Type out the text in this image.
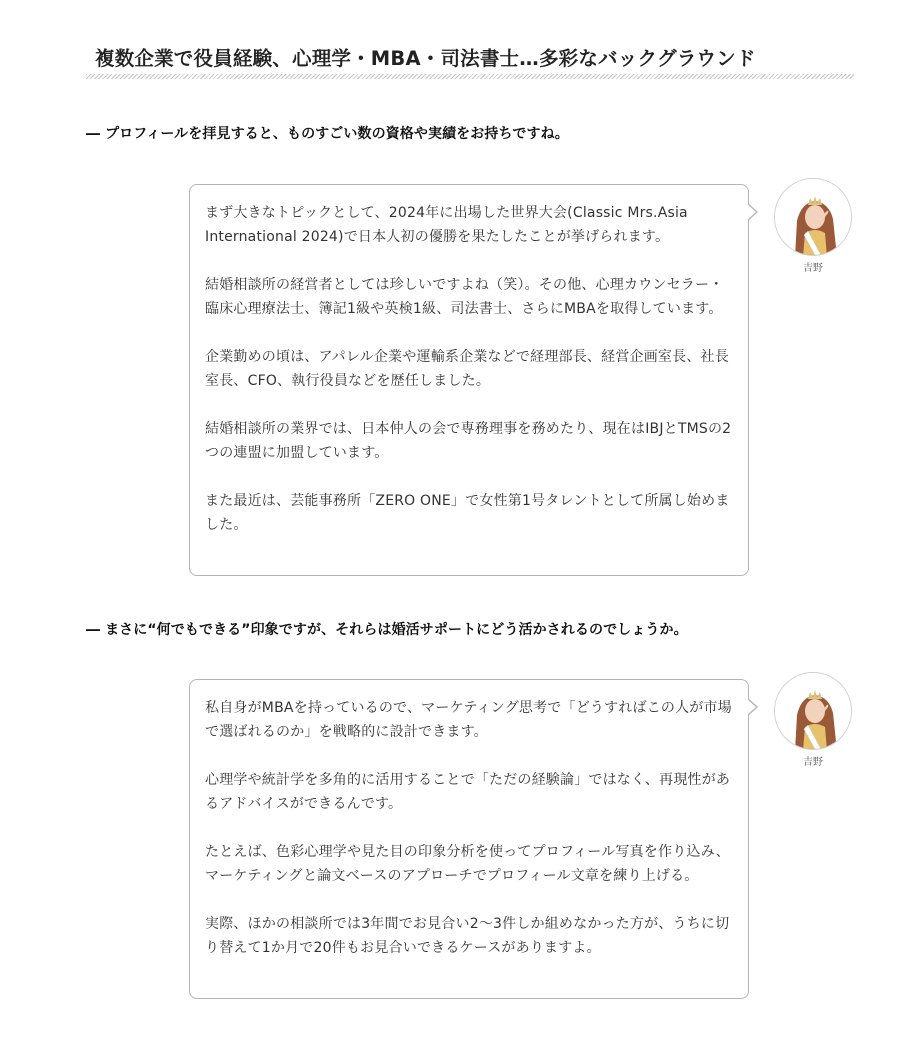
複数企業で役員経験、心理学・MBA・司法書士…多彩なバックグラウンド

― プロフィールを拝見すると、ものすごい数の資格や実績をお持ちですね。

まず大きなトピックとして、2024年に出場した世界大会(Classic Mrs.Asia International 2024)で日本人初の優勝を果たしたことが挙げられます。

結婚相談所の経営者としては珍しいですよね（笑）。その他、心理カウンセラー・臨床心理療法士、簿記1級や英検1級、司法書士、さらにMBAを取得しています。

企業勤めの頃は、アパレル企業や運輸系企業などで経理部長、経営企画室長、社長室長、CFO、執行役員などを歴任しました。

結婚相談所の業界では、日本仲人の会で専務理事を務めたり、現在はIBJとTMSの2つの連盟に加盟しています。

また最近は、芸能事務所「ZERO ONE」で女性第1号タレントとして所属し始めました。

吉野

― まさに“何でもできる”印象ですが、それらは婚活サポートにどう活かされるのでしょうか。

私自身がMBAを持っているので、マーケティング思考で「どうすればこの人が市場で選ばれるのか」を戦略的に設計できます。

心理学や統計学を多角的に活用することで「ただの経験論」ではなく、再現性があるアドバイスができるんです。

たとえば、色彩心理学や見た目の印象分析を使ってプロフィール写真を作り込み、マーケティングと論文ベースのアプローチでプロフィール文章を練り上げる。

実際、ほかの相談所では3年間でお見合い2～3件しか組めなかった方が、うちに切り替えて1か月で20件もお見合いできるケースがありますよ。

吉野
